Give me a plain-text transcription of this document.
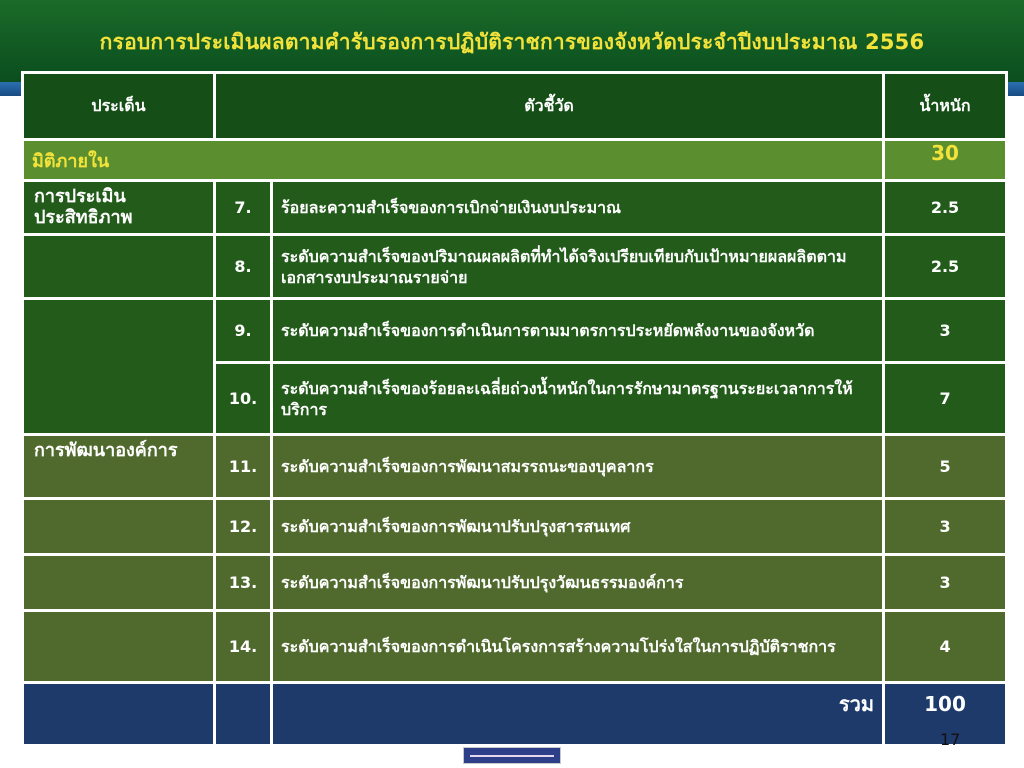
กรอบการประเมินผลตามคำรับรองการปฏิบัติราชการของจังหวัดประจำปีงบประมาณ 2556
ประเด็น	ตัวชี้วัด		น้ำหนัก
มิติภายใน			30
การประเมินประสิทธิภาพ	7.	ร้อยละความสำเร็จของการเบิกจ่ายเงินงบประมาณ	2.5
	8.	ระดับความสำเร็จของปริมาณผลผลิตที่ทำได้จริงเปรียบเทียบกับเป้าหมายผลผลิตตามเอกสารงบประมาณรายจ่าย	2.5
	9.	ระดับความสำเร็จของการดำเนินการตามมาตรการประหยัดพลังงานของจังหวัด	3
	10.	ระดับความสำเร็จของร้อยละเฉลี่ยถ่วงน้ำหนักในการรักษามาตรฐานระยะเวลาการให้บริการ	7
การพัฒนาองค์การ	11.	ระดับความสำเร็จของการพัฒนาสมรรถนะของบุคลากร	5
	12.	ระดับความสำเร็จของการพัฒนาปรับปรุงสารสนเทศ	3
	13.	ระดับความสำเร็จของการพัฒนาปรับปรุงวัฒนธรรมองค์การ	3
	14.	ระดับความสำเร็จของการดำเนินโครงการสร้างความโปร่งใสในการปฏิบัติราชการ	4
		รวม	100
17
